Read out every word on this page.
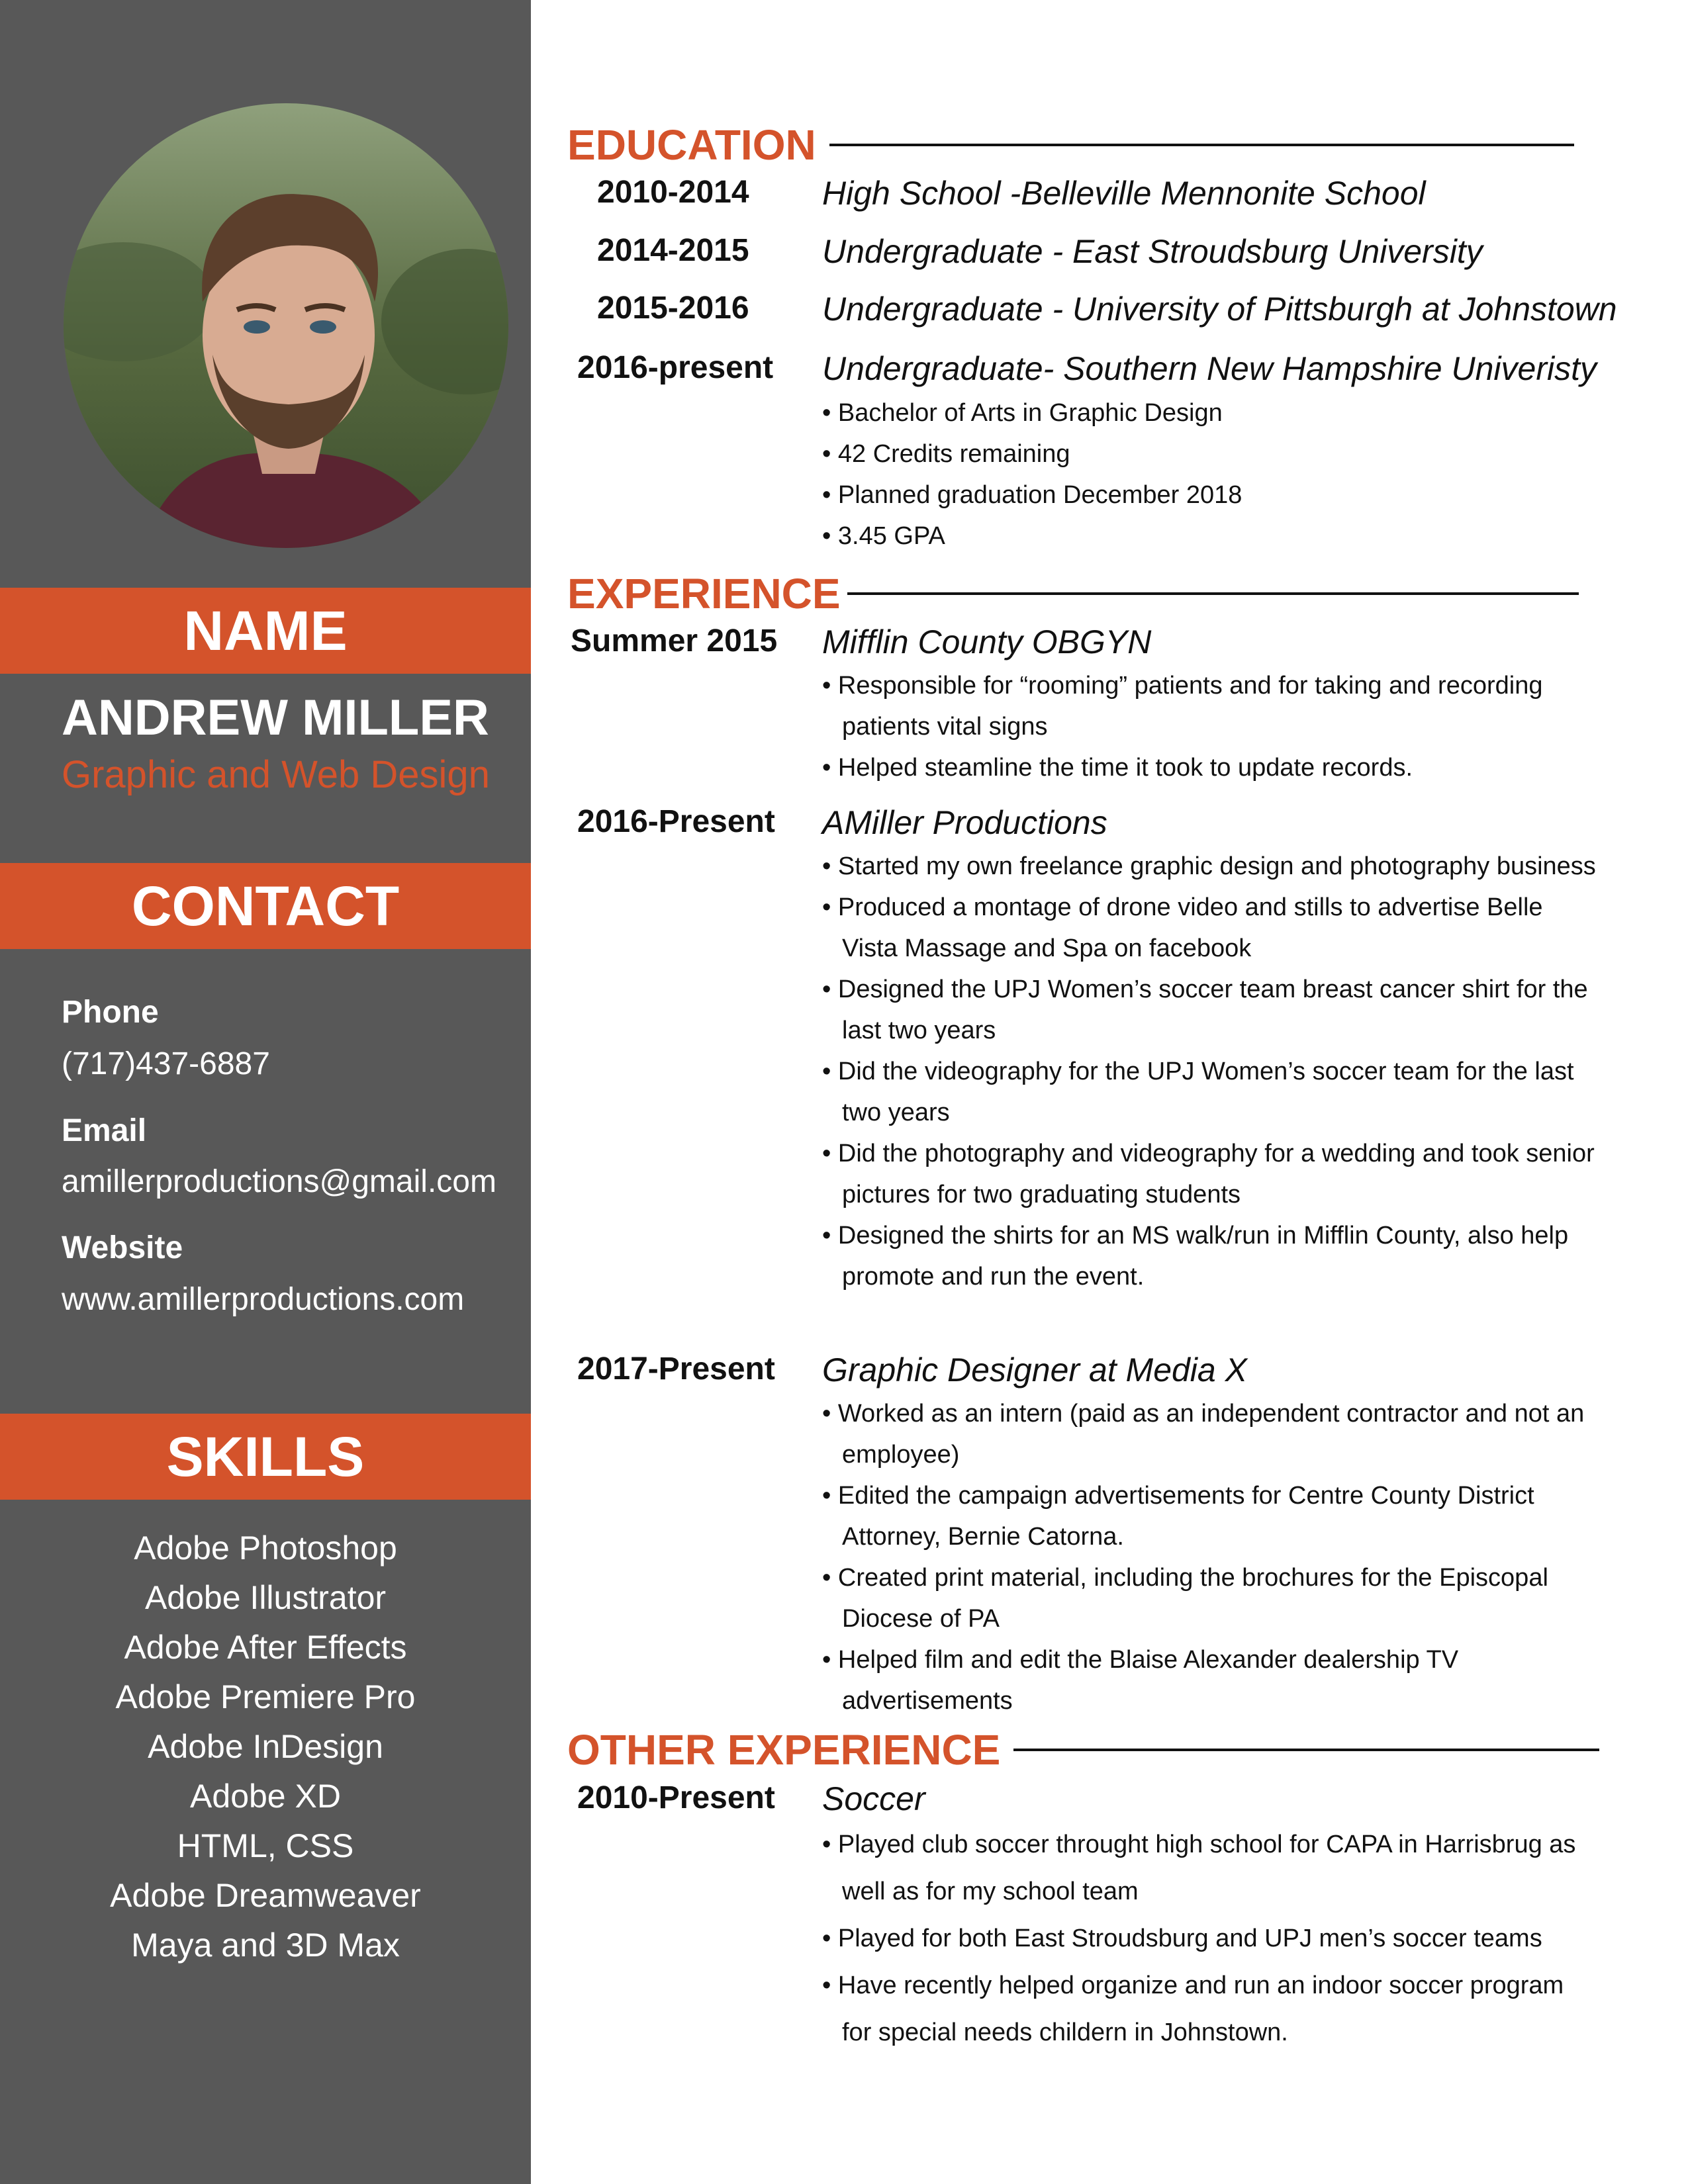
NAME
ANDREW MILLER

Graphic and Web Design

CONTACT
Phone
(717)437-6887
Email
amillerproductions@gmail.com
Website
www.amillerproductions.com
SKILLS
Adobe Photoshop
Adobe Illustrator
Adobe After Effects
Adobe Premiere Pro
Adobe InDesign
Adobe XD
HTML, CSS
Adobe Dreamweaver
Maya and 3D Max
EDUCATION
2010-2014 High School -Belleville Mennonite School
2014-2015 Undergraduate - East Stroudsburg University
2015-2016 Undergraduate - University of Pittsburgh at Johnstown
2016-present Undergraduate- Southern New Hampshire Univeristy
• Bachelor of Arts in Graphic Design
• 42 Credits remaining
• Planned graduation December 2018
• 3.45 GPA
EXPERIENCE
Summer 2015 Mifflin County OBGYN
• Responsible for “rooming” patients and for taking and recording patients vital signs
• Helped steamline the time it took to update records.
2016-Present AMiller Productions
• Started my own freelance graphic design and photography business
• Produced a montage of drone video and stills to advertise Belle Vista Massage and Spa on facebook
• Designed the UPJ Women’s soccer team breast cancer shirt for the last two years
• Did the videography for the UPJ Women’s soccer team for the last two years
• Did the photography and videography for a wedding and took senior pictures for two graduating students
• Designed the shirts for an MS walk/run in Mifflin County, also help promote and run the event.
2017-Present Graphic Designer at Media X
• Worked as an intern (paid as an independent contractor and not an employee)
• Edited the campaign advertisements for Centre County District Attorney, Bernie Catorna.
• Created print material, including the brochures for the Episcopal Diocese of PA
• Helped film and edit the Blaise Alexander dealership TV advertisements
OTHER EXPERIENCE
2010-Present Soccer
• Played club soccer throught high school for CAPA in Harrisbrug as well as for my school team
• Played for both East Stroudsburg and UPJ men’s soccer teams
• Have recently helped organize and run an indoor soccer program for special needs childern in Johnstown.
